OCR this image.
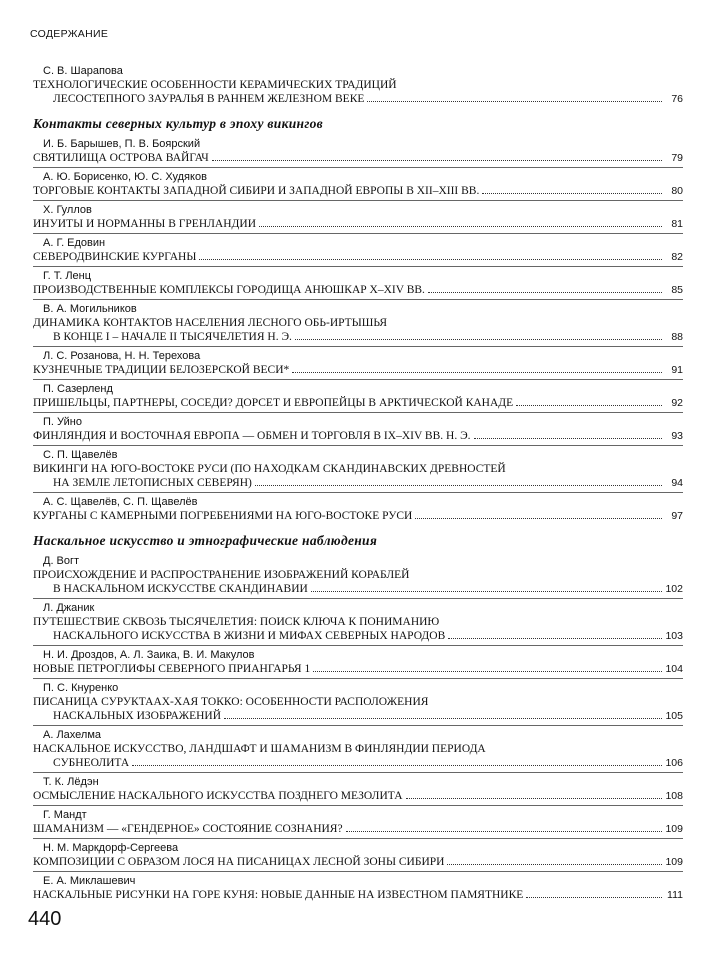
СОДЕРЖАНИЕ
С. В. Шарапова
ТЕХНОЛОГИЧЕСКИЕ ОСОБЕННОСТИ КЕРАМИЧЕСКИХ ТРАДИЦИЙ
ЛЕСОСТЕПНОГО ЗАУРАЛЬЯ В РАННЕМ ЖЕЛЕЗНОМ ВЕКЕ	76
Контакты северных культур в эпоху викингов
И. Б. Барышев, П. В. Боярский
СВЯТИЛИЩА ОСТРОВА ВАЙГАЧ	79
А. Ю. Борисенко, Ю. С. Худяков
ТОРГОВЫЕ КОНТАКТЫ ЗАПАДНОЙ СИБИРИ И ЗАПАДНОЙ ЕВРОПЫ В XII–XIII ВВ.	80
Х. Гуллов
ИНУИТЫ И НОРМАННЫ В ГРЕНЛАНДИИ	81
А. Г. Едовин
СЕВЕРОДВИНСКИЕ КУРГАНЫ	82
Г. Т. Ленц
ПРОИЗВОДСТВЕННЫЕ КОМПЛЕКСЫ ГОРОДИЩА АНЮШКАР X–XIV ВВ.	85
В. А. Могильников
ДИНАМИКА КОНТАКТОВ НАСЕЛЕНИЯ ЛЕСНОГО ОБЬ-ИРТЫШЬЯ
В КОНЦЕ I – НАЧАЛЕ II ТЫСЯЧЕЛЕТИЯ Н. Э.	88
Л. С. Розанова, Н. Н. Терехова
КУЗНЕЧНЫЕ ТРАДИЦИИ БЕЛОЗЕРСКОЙ ВЕСИ*	91
П. Сазерленд
ПРИШЕЛЬЦЫ, ПАРТНЕРЫ, СОСЕДИ? ДОРСЕТ И ЕВРОПЕЙЦЫ В АРКТИЧЕСКОЙ КАНАДЕ	92
П. Уйно
ФИНЛЯНДИЯ И ВОСТОЧНАЯ ЕВРОПА — ОБМЕН И ТОРГОВЛЯ В IX–XIV ВВ. Н. Э.	93
С. П. Щавелёв
ВИКИНГИ НА ЮГО-ВОСТОКЕ РУСИ (ПО НАХОДКАМ СКАНДИНАВСКИХ ДРЕВНОСТЕЙ
НА ЗЕМЛЕ ЛЕТОПИСНЫХ СЕВЕРЯН)	94
А. С. Щавелёв, С. П. Щавелёв
КУРГАНЫ С КАМЕРНЫМИ ПОГРЕБЕНИЯМИ НА ЮГО-ВОСТОКЕ РУСИ	97
Наскальное искусство и этнографические наблюдения
Д. Вогт
ПРОИСХОЖДЕНИЕ И РАСПРОСТРАНЕНИЕ ИЗОБРАЖЕНИЙ КОРАБЛЕЙ
В НАСКАЛЬНОМ ИСКУССТВЕ СКАНДИНАВИИ	102
Л. Джаник
ПУТЕШЕСТВИЕ СКВОЗЬ ТЫСЯЧЕЛЕТИЯ: ПОИСК КЛЮЧА К ПОНИМАНИЮ
НАСКАЛЬНОГО ИСКУССТВА В ЖИЗНИ И МИФАХ СЕВЕРНЫХ НАРОДОВ	103
Н. И. Дроздов, А. Л. Заика, В. И. Макулов
НОВЫЕ ПЕТРОГЛИФЫ СЕВЕРНОГО ПРИАНГАРЬЯ 1	104
П. С. Кнуренко
ПИСАНИЦА СУРУКТААХ-ХАЯ ТОККО: ОСОБЕННОСТИ РАСПОЛОЖЕНИЯ
НАСКАЛЬНЫХ ИЗОБРАЖЕНИЙ	105
А. Лахелма
НАСКАЛЬНОЕ ИСКУССТВО, ЛАНДШАФТ И ШАМАНИЗМ В ФИНЛЯНДИИ ПЕРИОДА
СУБНЕОЛИТА	106
Т. К. Лёдэн
ОСМЫСЛЕНИЕ НАСКАЛЬНОГО ИСКУССТВА ПОЗДНЕГО МЕЗОЛИТА	108
Г. Мандт
ШАМАНИЗМ — «ГЕНДЕРНОЕ» СОСТОЯНИЕ СОЗНАНИЯ?	109
Н. М. Маркдорф-Сергеева
КОМПОЗИЦИИ С ОБРАЗОМ ЛОСЯ НА ПИСАНИЦАХ ЛЕСНОЙ ЗОНЫ СИБИРИ	109
Е. А. Миклашевич
НАСКАЛЬНЫЕ РИСУНКИ НА ГОРЕ КУНЯ: НОВЫЕ ДАННЫЕ НА ИЗВЕСТНОМ ПАМЯТНИКЕ	111
440
